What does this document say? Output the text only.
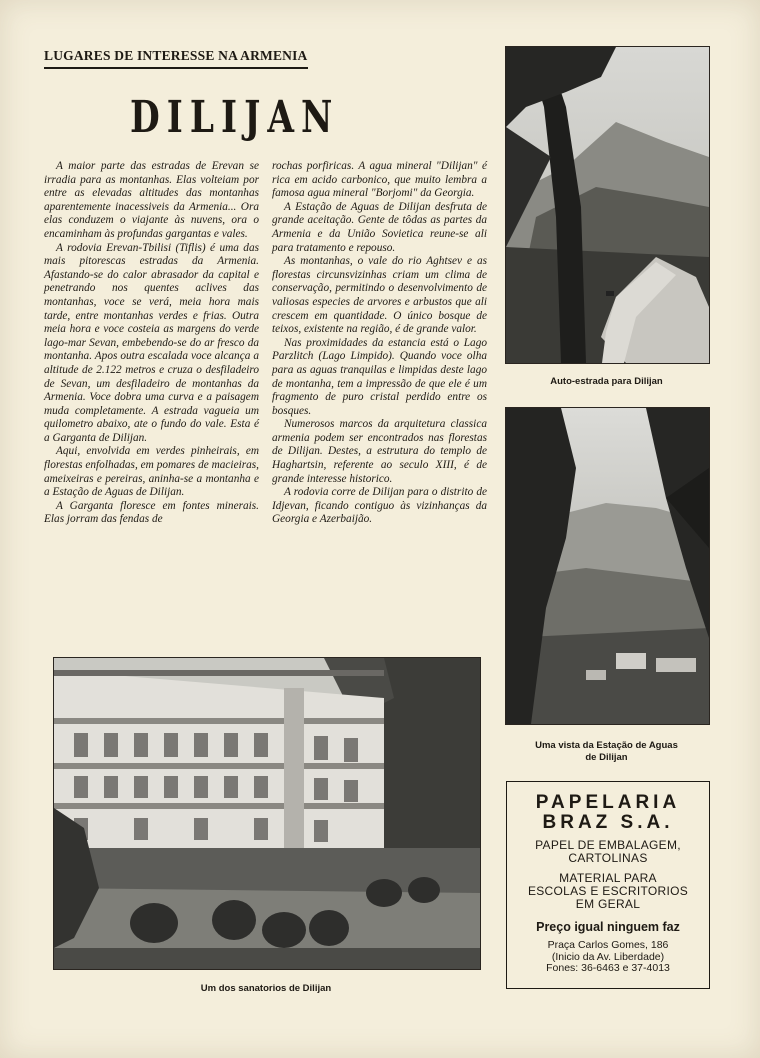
LUGARES DE INTERESSE NA ARMENIA
DILIJAN

A maior parte das estradas de Erevan se irradia para as montanhas. Elas volteiam por entre as elevadas altitudes das montanhas aparentemente inacessiveis da Armenia... Ora elas conduzem o viajante às nuvens, ora o encaminham às profundas gargantas e vales.

A rodovia Erevan-Tbilisi (Tiflis) é uma das mais pitorescas estradas da Armenia. Afastando-se do calor abrasador da capital e penetrando nos quentes aclives das montanhas, voce se verá, meia hora mais tarde, entre montanhas verdes e frias. Outra meia hora e voce costeia as margens do verde lago-mar Sevan, embebendo-se do ar fresco da montanha. Apos outra escalada voce alcança a altitude de 2.122 metros e cruza o desfiladeiro de Sevan, um desfiladeiro de montanhas da Armenia. Voce dobra uma curva e a paisagem muda completamente. A estrada vagueia um quilometro abaixo, ate o fundo do vale. Esta é a Garganta de Dilijan.

Aqui, envolvida em verdes pinheirais, em florestas enfolhadas, em pomares de macieiras, ameixeiras e pereiras, aninha-se a montanha e a Estação de Aguas de Dilijan.

A Garganta floresce em fontes minerais. Elas jorram das fendas de

rochas porfiricas. A agua mineral "Dilijan" é rica em acido carbonico, que muito lembra a famosa agua mineral "Borjomi" da Georgia.

A Estação de Aguas de Dilijan desfruta de grande aceitação. Gente de tôdas as partes da Armenia e da União Sovietica reune-se ali para tratamento e repouso.

As montanhas, o vale do rio Aghtsev e as florestas circunsvizinhas criam um clima de conservação, permitindo o desenvolvimento de valiosas especies de arvores e arbustos que ali crescem em quantidade. O único bosque de teixos, existente na região, é de grande valor.

Nas proximidades da estancia está o Lago Parzlitch (Lago Limpido). Quando voce olha para as aguas tranquilas e limpidas deste lago de montanha, tem a impressão de que ele é um fragmento de puro cristal perdido entre os bosques.

Numerosos marcos da arquitetura classica armenia podem ser encontrados nas florestas de Dilijan. Destes, a estrutura do templo de Haghartsin, referente ao seculo XIII, é de grande interesse historico.

A rodovia corre de Dilijan para o distrito de Idjevan, ficando contiguo às vizinhanças da Georgia e Azerbaijão.

Auto-estrada para Dilijan
Uma vista da Estação de Aguas
de Dilijan
Um dos sanatorios de Dilijan
PAPELARIA
BRAZ S.A.
PAPEL DE EMBALAGEM,
CARTOLINAS
MATERIAL PARA
ESCOLAS E ESCRITORIOS
EM GERAL
Preço igual ninguem faz
Praça Carlos Gomes, 186
(Inicio da Av. Liberdade)
Fones: 36-6463 e 37-4013
